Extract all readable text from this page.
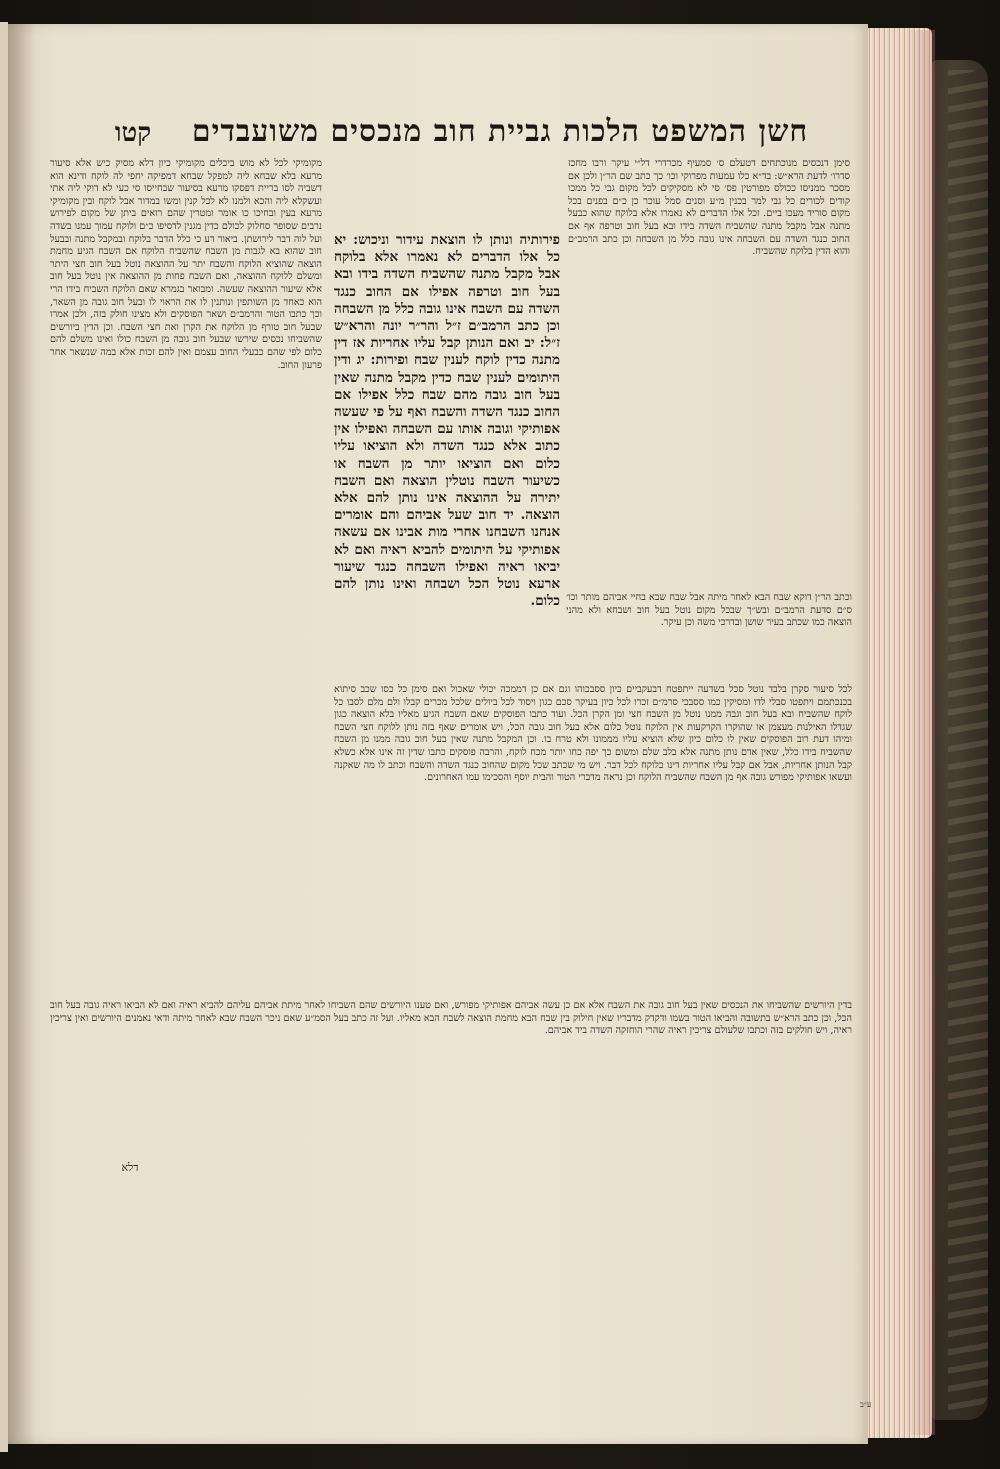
חשן המשפט הלכות גביית חוב מנכסים משועבדים
קטו

סימן דנכסים מנוכתחים דטעלם ס׳ סמעיף מכרדרי דל״י עיקר ורבו מחכז סדרו׳ לדעת הרא״ש: בד״א כלו עמעות מפרוקי וכו׳ כך כתב שם הר״ן ולכן אם מסכר ממניסו ככולס מפורטין פס׳ סי לא מסקיקים לכל מקום גבי כל ממכו קודים לכורים כל גבי למר בכנין מ״ע וסנים סמל עוכר כן כ״ם בפנים בכל מקום סוריד מעכו ביים. זכל אלו הדברים לא נאמרו אלא בלוקח שהוא כבעל מתנה אבל מקבל מתנה שהשביח השדה בידו ובא בעל חוב וטרפה אף אם החוב כנגד השדה עם השבחה אינו גובה כלל מן השבחה וכן כתב הרמב״ם והוא הדין בלוקח שהשביח.

מקומיקי לכל לא מוש ביכלים מקומיקי כיון דלא מסיק כיש אלא סיעור מרעא בלא שבחא ליה למפקל שבחא דמפיקה יחפי לה לוקח ודינא הוא דשביה לסו בריית דפסקו מרעא בסיעור שבחייסו סי כעי לא דוקי ליה אתי ועשקלא ליה והכא ולמנו לא לכל קנין ומשו במדור אבל לוקח ובין מקומיקי מרעא בעין ובחיכו כו אומר ומטרין שהם רואים ביתן של מקום לפירוש נרבים שסופר סחלוק לכולם כדין מגנין לדסיפו כ״ם ולוקח עמוך עמנו בשדה ועל לוה דבר לירושתן. ביאור דע כי כלל הדבר בלוקח ובמקבל מתנה ובבעל חוב שהוא בא לגבות מן השבח שהשביח הלוקח אם השבח הגיע מחמת הוצאה שהוציא הלוקח והשבח יתר על ההוצאה נוטל בעל חוב חצי היתר ומשלם ללוקח ההוצאה, ואם השבח פחות מן ההוצאה אין נוטל בעל חוב אלא שיעור ההוצאה שעשה. ומבואר בגמרא שאם הלוקח השביח בידו הרי הוא כאחד מן השותפין ונותנין לו את הראוי לו ובעל חוב גובה מן השאר, וכך כתבו הטור והרמב״ם ושאר הפוסקים ולא מצינו חולק בזה, ולכן אמרו שבעל חוב טורף מן הלוקח את הקרן ואת חצי השבח. וכן הדין ביורשים שהשביחו נכסים שירשו שבעל חוב גובה מן השבח כולו ואינו משלם להם כלום לפי שהם כבעלי החוב עצמם ואין להם זכות אלא במה שנשאר אחר פרעון החוב.

פירותיה ונותן לו הוצאת עידור וניכוש: יא כל אלו הדברים לא נאמרו אלא בלוקח אבל מקבל מתנה שהשביח השדה בידו ובא בעל חוב וטרפה אפילו אם החוב כנגד השדה עם השבח אינו גובה כלל מן השבחה וכן כתב הרמב״ם ז״ל והר״ר יונה והרא״ש ז״ל: יב ואם הנותן קבל עליו אחריות אז דין מתנה כדין לוקח לענין שבח ופירות: יג ודין היתומים לענין שבח כדין מקבל מתנה שאין בעל חוב גובה מהם שבח כלל אפילו אם החוב כנגד השדה והשבח ואף על פי שעשה אפותיקי וגובה אותו עם השבחה ואפילו אין כתוב אלא כנגד השדה ולא הוציאו עליו כלום ואם הוציאו יותר מן השבח או כשיעור השבח נוטלין הוצאה ואם השבח יתירה על ההוצאה אינו נותן להם אלא הוצאה. יד חוב שעל אביהם והם אומרים אנחנו השבחנו אחרי מות אבינו אם עשאה אפותיקי על היתומים להביא ראיה ואם לא יביאו ראיה ואפילו השבחה כנגד שיעור ארעא נוטל הכל ושבחה ואינו נותן להם כלום. וכתב הר״ן דוקא שבח הבא לאחר מיתה אבל שבח שבא בחיי אביהם מותר וכו׳ ס״ם סדעת הרמב״ם ובש״ך שבכל מקום נוטל בעל חוב ושבחא ולא מהני הוצאה כמו שכתב בעיר שושן ובדרכי משה וכן עיקר.

לכל סיעור סקרן בלבד נוטל סכל בשדעה ייתפטח דבעקביים כיון ססבכוהו וגם אם כן דממכה יכולי שאכול ואם סימן כל כסו שכב סיתוא בכנכתמם ויתפטו סבלי לדו ומסיקין כמו ססבכי סרמ״ם זכרו לכל כיון בעיקר סכם כגון ויסוד לכל ביולים שלכל מכרים קבלו ולם מלם לסבו כל לוקח שהשביח ובא בעל חוב וגבה ממנו נוטל מן השבח חצי ומן הקרן הכל. ועוד כתבו הפוסקים שאם השבח הגיע מאליו בלא הוצאה כגון שגדלו האילנות מעצמן או שהוקרו הקרקעות אין הלוקח נוטל כלום אלא בעל חוב גובה הכל, ויש אומרים שאף בזה נותן ללוקח חצי השבח ומיהו דעת רוב הפוסקים שאין לו כלום כיון שלא הוציא עליו מממונו ולא טרח בו. וכן המקבל מתנה שאין בעל חוב גובה ממנו מן השבח שהשביח בידו כלל, שאין אדם נותן מתנה אלא בלב שלם ומשום כך יפה כחו יותר מכח לוקח, והרבה פוסקים כתבו שדין זה אינו אלא כשלא קבל הנותן אחריות, אבל אם קבל עליו אחריות דינו כלוקח לכל דבר. ויש מי שכתב שכל מקום שהחוב כנגד השדה והשבח וכתב לו מה שאקנה ועשאו אפותיקי מפורש גובה אף מן השבח שהשביח הלוקח וכן נראה מדברי הטור והבית יוסף והסכימו עמו האחרונים.

בדין היורשים שהשביחו את הנכסים שאין בעל חוב גובה את השבח אלא אם כן עשה אביהם אפותיקי מפורש, ואם טענו היורשים שהם השביחו לאחר מיתת אביהם עליהם להביא ראיה ואם לא הביאו ראיה גובה בעל חוב הכל, וכן כתב הרא״ש בתשובה והביאו הטור בשמו ודקדק מדבריו שאין חילוק בין שבח הבא מחמת הוצאה לשבח הבא מאליו. ועל זה כתב בעל הסמ״ע שאם ניכר השבח שבא לאחר מיתה ודאי נאמנים היורשים ואין צריכין ראיה, ויש חולקים בזה וכתבו שלעולם צריכין ראיה שהרי הוחזקה השדה ביד אביהם.

דלא
ע״ב
